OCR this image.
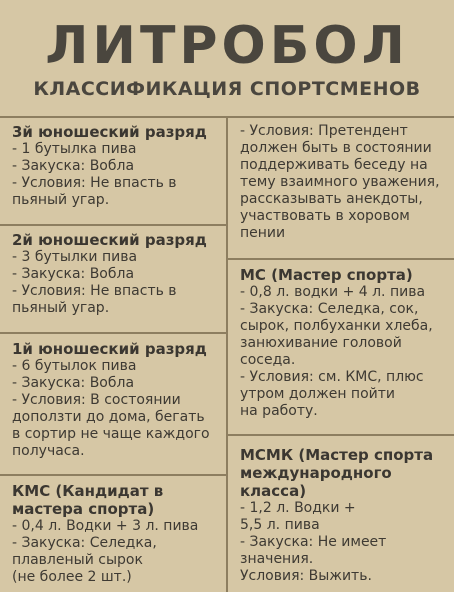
ЛИТРОБОЛ
КЛАССИФИКАЦИЯ СПОРТСМЕНОВ
3й юношеский разряд
- 1 бутылка пива
- Закуска: Вобла
- Условия: Не впасть в
пьяный угар.
2й юношеский разряд
- 3 бутылки пива
- Закуска: Вобла
- Условия: Не впасть в
пьяный угар.
1й юношеский разряд
- 6 бутылок пива
- Закуска: Вобла
- Условия: В состоянии
доползти до дома, бегать
в сортир не чаще каждого
получаса.
КМС (Кандидат в
мастера спорта)
- 0,4 л. Водки + 3 л. пива
- Закуска: Селедка,
плавленый сырок
(не более 2 шт.)
- Условия: Претендент
должен быть в состоянии
поддерживать беседу на
тему взаимного уважения,
рассказывать анекдоты,
участвовать в хоровом
пении
МС (Мастер спорта)
- 0,8 л. водки + 4 л. пива
- Закуска: Селедка, сок,
сырок, полбуханки хлеба,
занюхивание головой
соседа.
- Условия: см. КМС, плюс
утром должен пойти
на работу.
МСМК (Мастер спорта
международного
класса)
- 1,2 л. Водки +
5,5 л. пива
- Закуска: Не имеет
значения.
Условия: Выжить.
